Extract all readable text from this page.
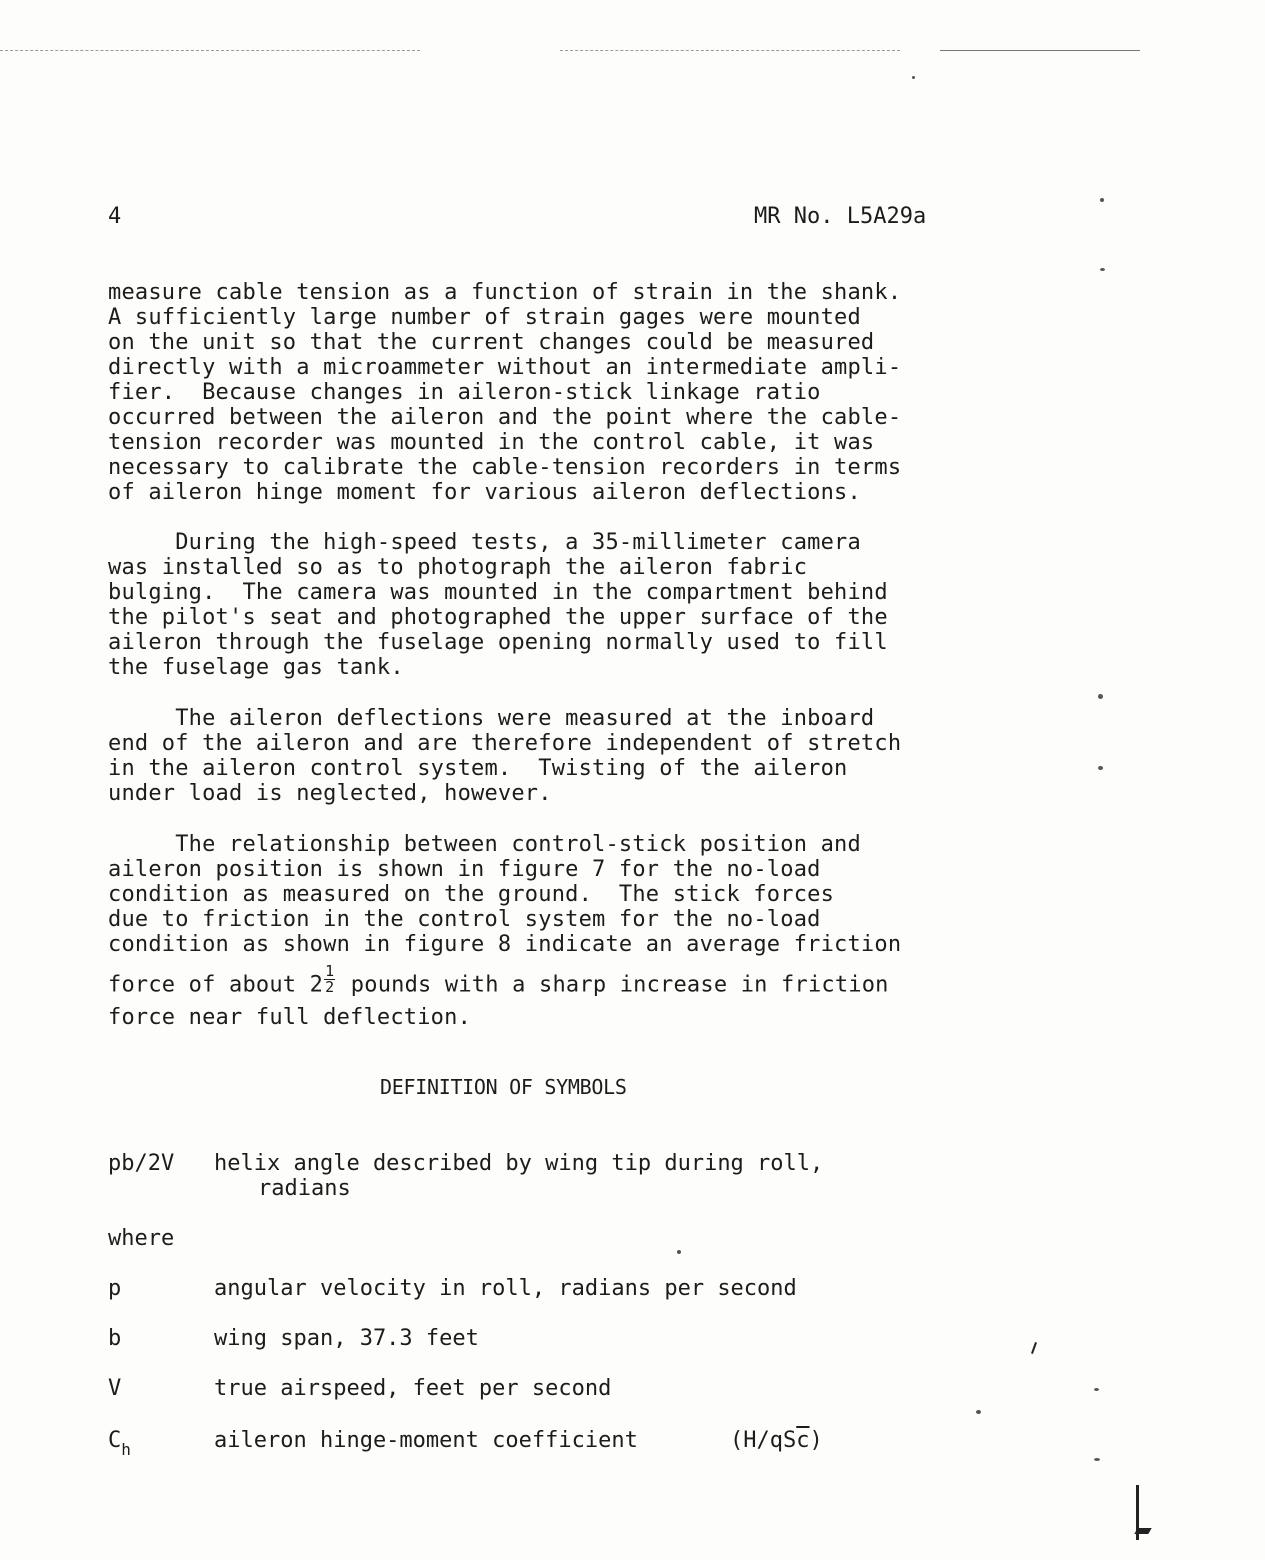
4	MR No. L5A29a
measure cable tension as a function of strain in the shank.
A sufficiently large number of strain gages were mounted
on the unit so that the current changes could be measured
directly with a microammeter without an intermediate ampli-
fier.  Because changes in aileron-stick linkage ratio
occurred between the aileron and the point where the cable-
tension recorder was mounted in the control cable, it was
necessary to calibrate the cable-tension recorders in terms
of aileron hinge moment for various aileron deflections.
During the high-speed tests, a 35-millimeter camera
was installed so as to photograph the aileron fabric
bulging.  The camera was mounted in the compartment behind
the pilot's seat and photographed the upper surface of the
aileron through the fuselage opening normally used to fill
the fuselage gas tank.
The aileron deflections were measured at the inboard
end of the aileron and are therefore independent of stretch
in the aileron control system.  Twisting of the aileron
under load is neglected, however.
The relationship between control-stick position and
aileron position is shown in figure 7 for the no-load
condition as measured on the ground.  The stick forces
due to friction in the control system for the no-load
condition as shown in figure 8 indicate an average friction
force of about $2 \frac{1}{2}$ pounds with a sharp increase in friction
force near full deflection.
DEFINITION OF SYMBOLS
pb/2V helix angle described by wing tip during roll,
radians
where
p	angular velocity in roll, radians per second
b	wing span, 37.3 feet
V	true airspeed, feet per second
$C_h$	aileron hinge-moment coefficient	$(H/qS\overline{c})$
